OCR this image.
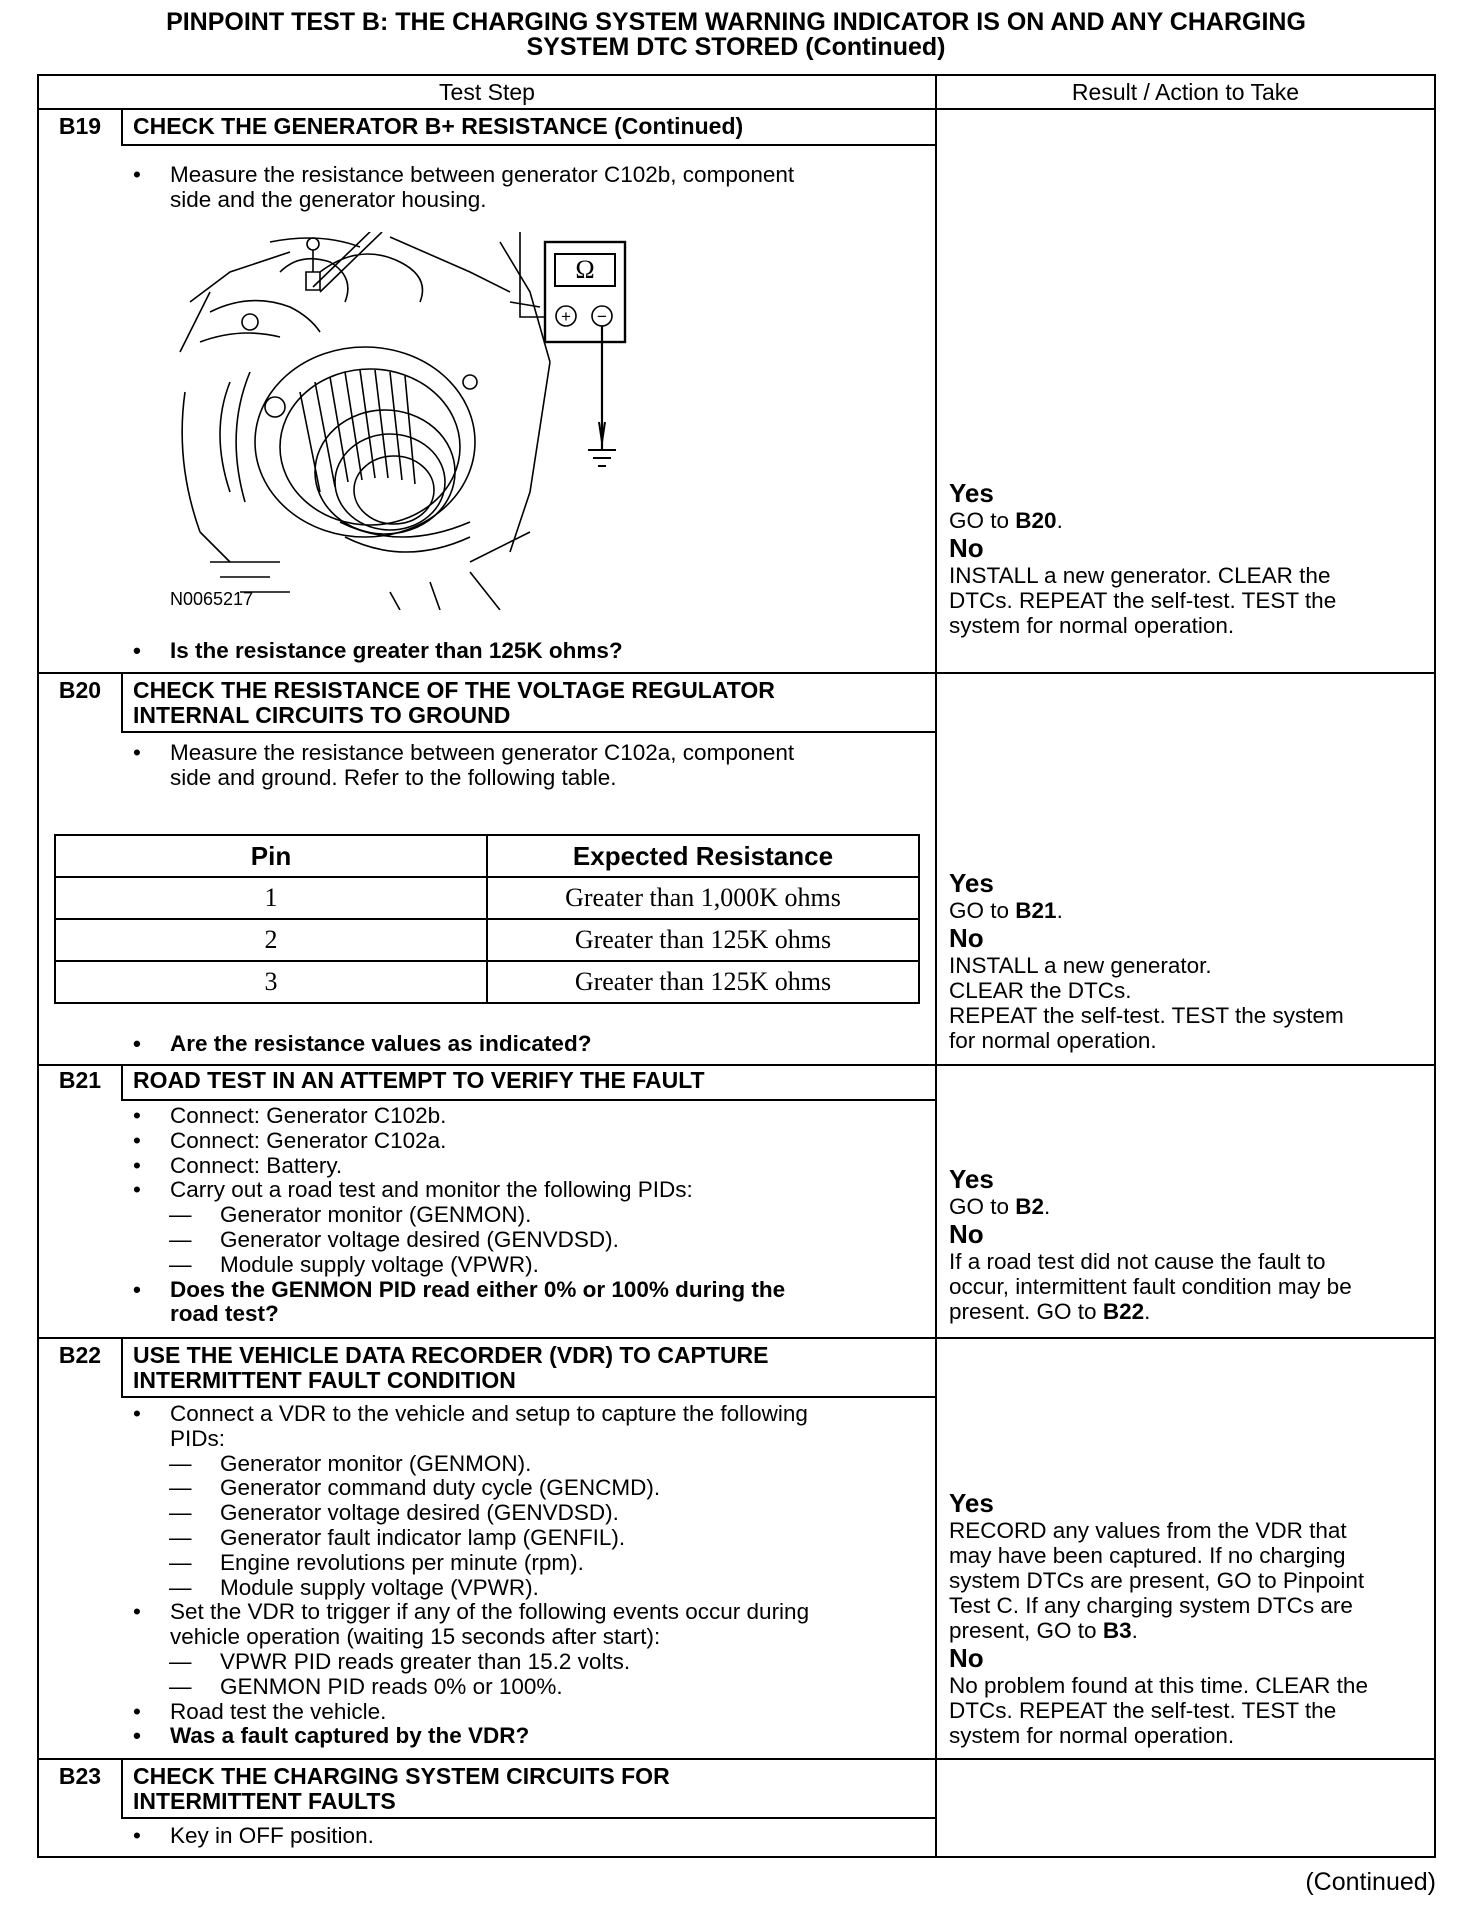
PINPOINT TEST B: THE CHARGING SYSTEM WARNING INDICATOR IS ON AND ANY CHARGING
SYSTEM DTC STORED (Continued)
Test Step	Result / Action to Take
B19	CHECK THE GENERATOR B+ RESISTANCE (Continued)
• Measure the resistance between generator C102b, component
side and the generator housing.
Ω
+ −
N0065217
• Is the resistance greater than 125K ohms?
Yes
GO to B20.
No
INSTALL a new generator. CLEAR the
DTCs. REPEAT the self-test. TEST the
system for normal operation.
B20	CHECK THE RESISTANCE OF THE VOLTAGE REGULATOR
INTERNAL CIRCUITS TO GROUND
• Measure the resistance between generator C102a, component
side and ground. Refer to the following table.
Pin	Expected Resistance
1	Greater than 1,000K ohms
2	Greater than 125K ohms
3	Greater than 125K ohms
• Are the resistance values as indicated?
Yes
GO to B21.
No
INSTALL a new generator.
CLEAR the DTCs.
REPEAT the self-test. TEST the system
for normal operation.
B21	ROAD TEST IN AN ATTEMPT TO VERIFY THE FAULT
• Connect: Generator C102b.
• Connect: Generator C102a.
• Connect: Battery.
• Carry out a road test and monitor the following PIDs:
— Generator monitor (GENMON).
— Generator voltage desired (GENVDSD).
— Module supply voltage (VPWR).
• Does the GENMON PID read either 0% or 100% during the
road test?
Yes
GO to B2.
No
If a road test did not cause the fault to
occur, intermittent fault condition may be
present. GO to B22.
B22	USE THE VEHICLE DATA RECORDER (VDR) TO CAPTURE
INTERMITTENT FAULT CONDITION
• Connect a VDR to the vehicle and setup to capture the following
PIDs:
— Generator monitor (GENMON).
— Generator command duty cycle (GENCMD).
— Generator voltage desired (GENVDSD).
— Generator fault indicator lamp (GENFIL).
— Engine revolutions per minute (rpm).
— Module supply voltage (VPWR).
• Set the VDR to trigger if any of the following events occur during
vehicle operation (waiting 15 seconds after start):
— VPWR PID reads greater than 15.2 volts.
— GENMON PID reads 0% or 100%.
• Road test the vehicle.
• Was a fault captured by the VDR?
Yes
RECORD any values from the VDR that
may have been captured. If no charging
system DTCs are present, GO to Pinpoint
Test C. If any charging system DTCs are
present, GO to B3.
No
No problem found at this time. CLEAR the
DTCs. REPEAT the self-test. TEST the
system for normal operation.
B23	CHECK THE CHARGING SYSTEM CIRCUITS FOR
INTERMITTENT FAULTS
• Key in OFF position.
(Continued)
